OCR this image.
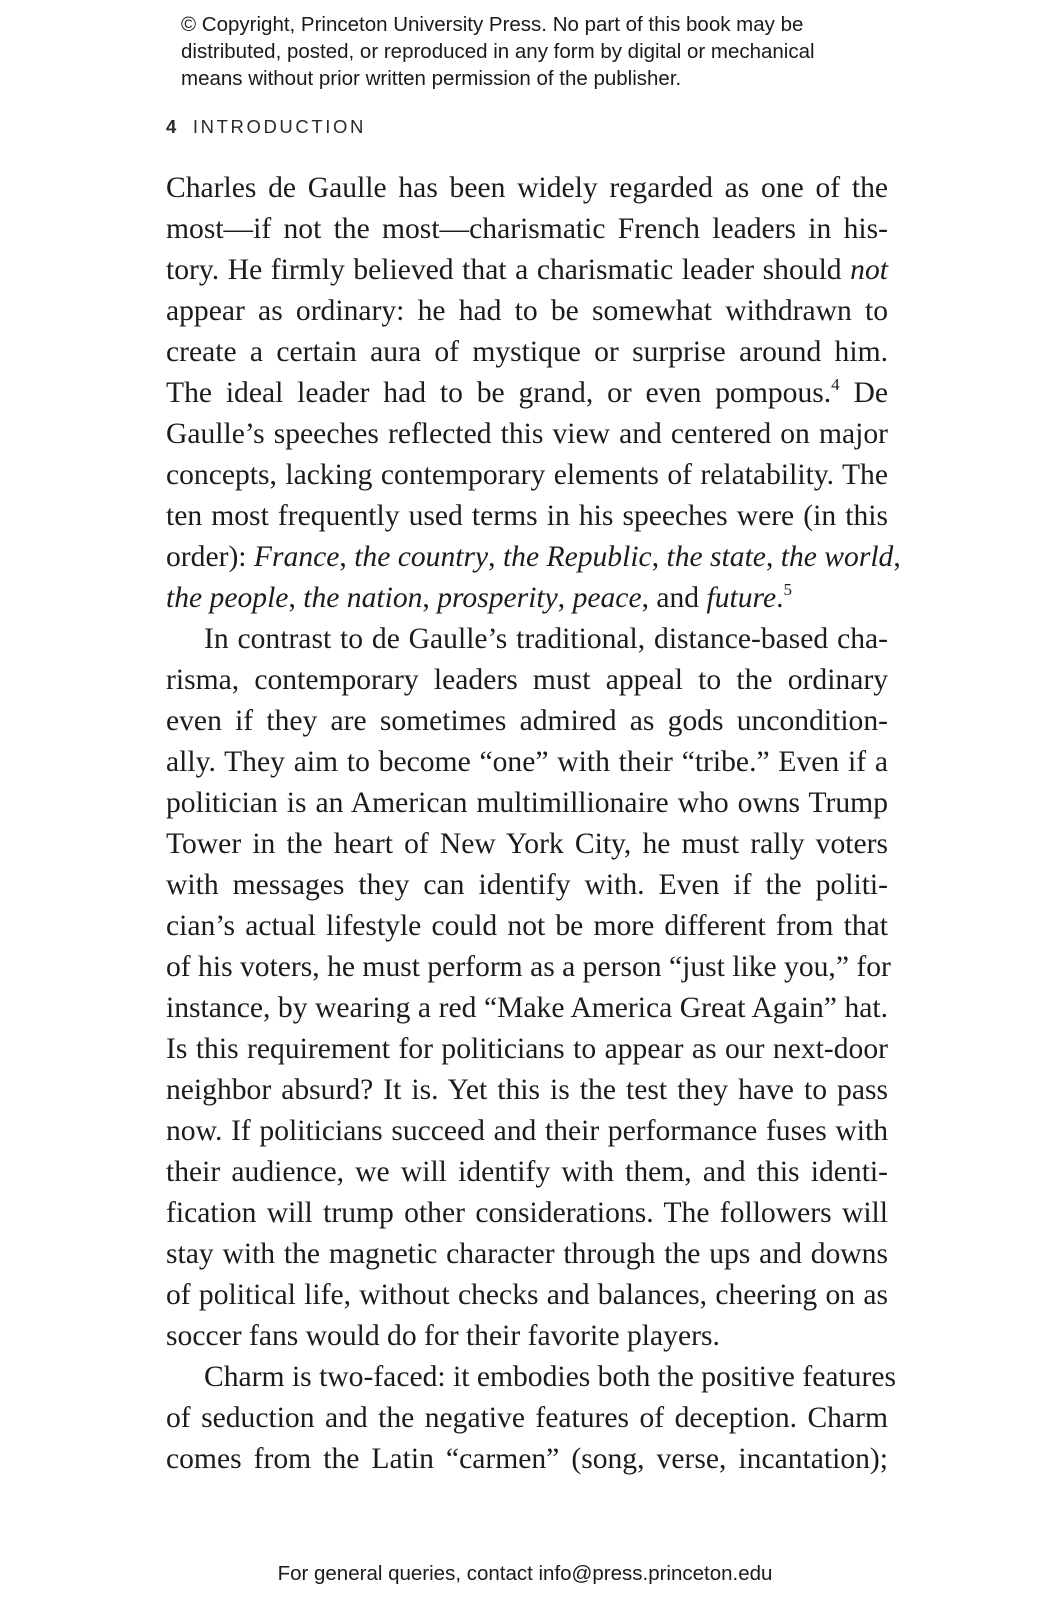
© Copyright, Princeton University Press. No part of this book may be
distributed, posted, or reproduced in any form by digital or mechanical
means without prior written permission of the publisher.
4 INTRODUCTION

Charles de Gaulle has been widely regarded as one of the
most—if not the most—charismatic French leaders in his-
tory. He firmly believed that a charismatic leader should not
appear as ordinary: he had to be somewhat withdrawn to
create a certain aura of mystique or surprise around him.
The ideal leader had to be grand, or even pompous.$^4$ De
Gaulle’s speeches reflected this view and centered on major
concepts, lacking contemporary elements of relatability. The
ten most frequently used terms in his speeches were (in this
order): France, the country, the Republic, the state, the world,
the people, the nation, prosperity, peace, and future.$^5$

In contrast to de Gaulle’s traditional, distance-based cha-
risma, contemporary leaders must appeal to the ordinary
even if they are sometimes admired as gods uncondition-
ally. They aim to become “one” with their “tribe.” Even if a
politician is an American multimillionaire who owns Trump
Tower in the heart of New York City, he must rally voters
with messages they can identify with. Even if the politi-
cian’s actual lifestyle could not be more different from that
of his voters, he must perform as a person “just like you,” for
instance, by wearing a red “Make America Great Again” hat.
Is this requirement for politicians to appear as our next-door
neighbor absurd? It is. Yet this is the test they have to pass
now. If politicians succeed and their performance fuses with
their audience, we will identify with them, and this identi-
fication will trump other considerations. The followers will
stay with the magnetic character through the ups and downs
of political life, without checks and balances, cheering on as
soccer fans would do for their favorite players.

Charm is two-faced: it embodies both the positive features
of seduction and the negative features of deception. Charm
comes from the Latin “carmen” (song, verse, incantation);

For general queries, contact info@press.princeton.edu
